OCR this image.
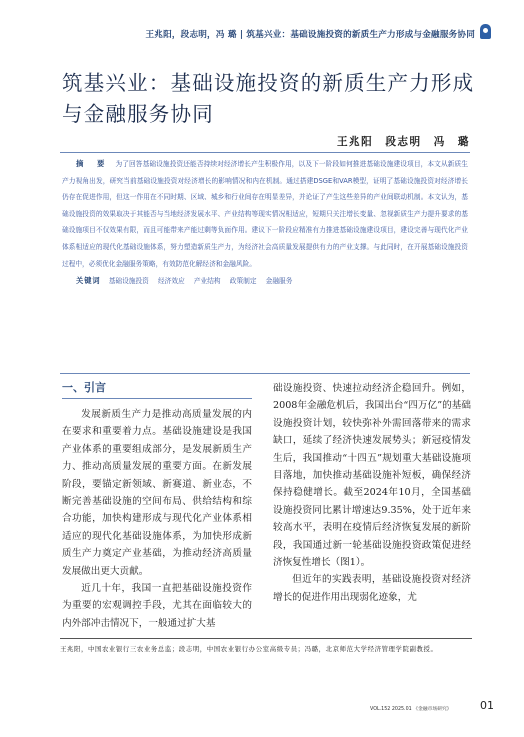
王兆阳，段志明，冯 璐 | 筑基兴业：基础设施投资的新质生产力形成与金融服务协同
筑基兴业：基础设施投资的新质生产力形成与金融服务协同
王兆阳　段志明　冯　璐

摘　要 为了回答基础设施投资还能否持续对经济增长产生积极作用，以及下一阶段如何推进基础设施建设项目，本文从新质生产力视角出发，研究当前基础设施投资对经济增长的影响情况和内在机制。通过搭建DSGE和VAR模型，证明了基础设施投资对经济增长仍存在促进作用，但这一作用在不同时期、区域、城乡和行业间存在明显差异，并论证了产生这些差异的产业间联动机制。本文认为，基础设施投资的效果取决于其能否与当地经济发展水平、产业结构等现实情况相适应，短期只关注增长变量、忽视新质生产力提升要求的基础设施项目不仅效果有限，而且可能带来产能过剩等负面作用。建议下一阶段应精准有力推进基础设施建设项目，建设完善与现代化产业体系相适应的现代化基础设施体系，努力塑造新质生产力，为经济社会高质量发展提供有力的产业支撑。与此同时，在开展基础设施投资过程中，必须优化金融服务策略，有效防范化解经济和金融风险。

关键词 基础设施投资 经济效应 产业结构 政策制定 金融服务

一、引言

发展新质生产力是推动高质量发展的内在要求和重要着力点。基础设施建设是我国产业体系的重要组成部分，是发展新质生产力、推动高质量发展的重要方面。在新发展阶段，要锚定新领域、新赛道、新业态，不断完善基础设施的空间布局、供给结构和综合功能，加快构建形成与现代化产业体系相适应的现代化基础设施体系，为加快形成新质生产力奠定产业基础，为推动经济高质量发展做出更大贡献。

近几十年，我国一直把基础设施投资作为重要的宏观调控手段，尤其在面临较大的内外部冲击情况下，一般通过扩大基

础设施投资、快速拉动经济企稳回升。例如，2008年金融危机后，我国出台“四万亿”的基础设施投资计划，较快弥补外需回落带来的需求缺口，延续了经济快速发展势头；新冠疫情发生后，我国推动“十四五”规划重大基础设施项目落地，加快推动基础设施补短板，确保经济保持稳健增长。截至2024年10月，全国基础设施投资同比累计增速达9.35%，处于近年来较高水平，表明在疫情后经济恢复发展的新阶段，我国通过新一轮基础设施投资政策促进经济恢复性增长（图1）。

但近年的实践表明，基础设施投资对经济增长的促进作用出现弱化迹象，尤

王兆阳，中国农业银行三农业务总监；段志明，中国农业银行办公室高级专员；冯璐，北京师范大学经济管理学院副教授。

VOL.152 2025.01 《金融市场研究》	01
